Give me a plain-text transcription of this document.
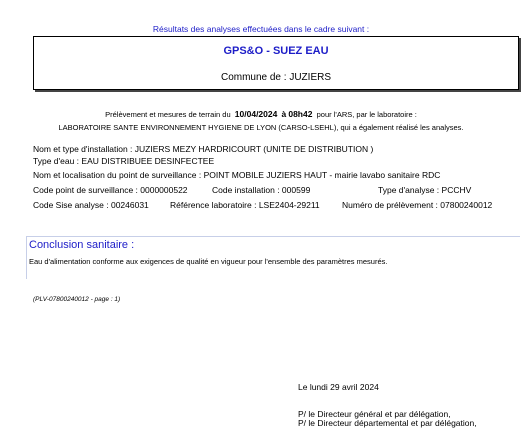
Résultats des analyses effectuées dans le cadre suivant :
GPS&O - SUEZ EAU
Commune de : JUZIERS
Prélèvement et mesures de terrain du 10/04/2024 à 08h42 pour l'ARS, par le laboratoire :
LABORATOIRE SANTE ENVIRONNEMENT HYGIENE DE LYON (CARSO-LSEHL), qui a également réalisé les analyses.
Nom et type d'installation : JUZIERS MEZY HARDRICOURT (UNITE DE DISTRIBUTION )
Type d'eau : EAU DISTRIBUEE DESINFECTEE
Nom et localisation du point de surveillance : POINT MOBILE JUZIERS HAUT - mairie lavabo sanitaire RDC
Code point de surveillance : 0000000522	Code installation : 000599	Type d'analyse : PCCHV
Code Sise analyse : 00246031 Référence laboratoire : LSE2404-29211	Numéro de prélèvement : 07800240012
Conclusion sanitaire :
Eau d'alimentation conforme aux exigences de qualité en vigueur pour l'ensemble des paramètres mesurés.
(PLV-07800240012 - page : 1)
Le lundi 29 avril 2024
P/ le Directeur général et par délégation,
P/ le Directeur départemental et par délégation,
